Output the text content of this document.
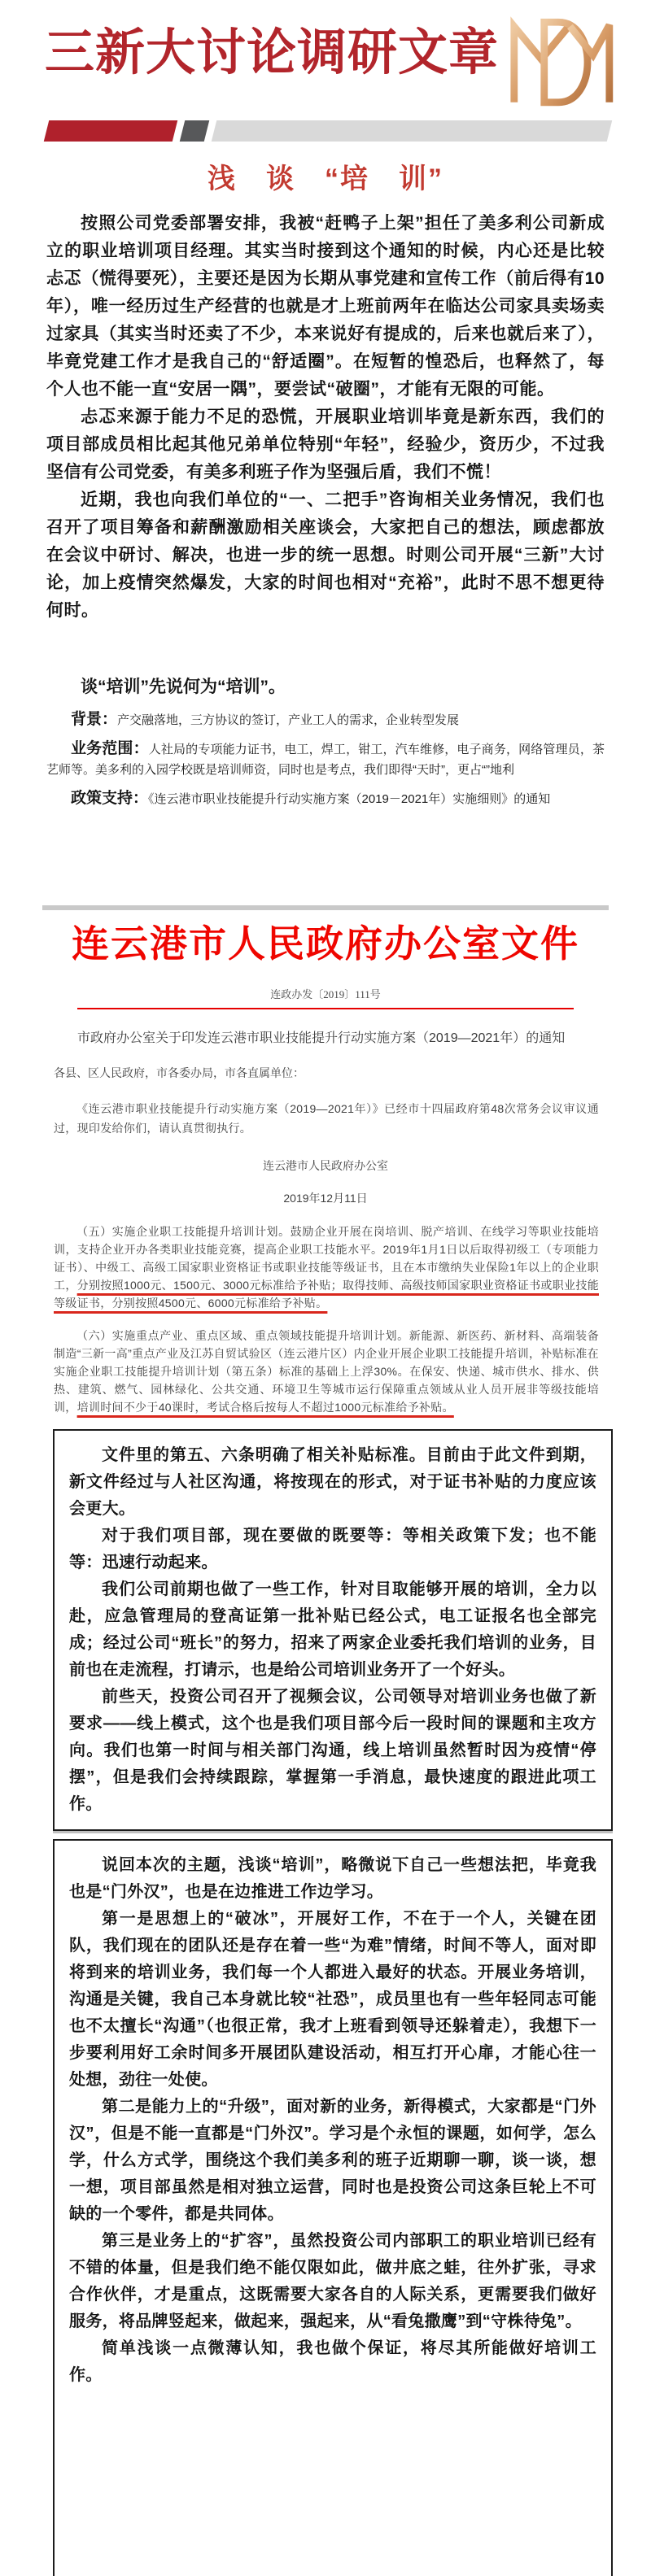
三新大讨论调研文章
浅　谈　“培　训”

按照公司党委部署安排，我被“赶鸭子上架”担任了美多利公司新成立的职业培训项目经理。其实当时接到这个通知的时候，内心还是比较忐忑（慌得要死），主要还是因为长期从事党建和宣传工作（前后得有10年），唯一经历过生产经营的也就是才上班前两年在临达公司家具卖场卖过家具（其实当时还卖了不少，本来说好有提成的，后来也就后来了），毕竟党建工作才是我自己的“舒适圈”。在短暂的惶恐后，也释然了，每个人也不能一直“安居一隅”，要尝试“破圈”，才能有无限的可能。

忐忑来源于能力不足的恐慌，开展职业培训毕竟是新东西，我们的项目部成员相比起其他兄弟单位特别“年轻”，经验少，资历少，不过我坚信有公司党委，有美多利班子作为坚强后盾，我们不慌！

近期，我也向我们单位的“一、二把手”咨询相关业务情况，我们也召开了项目筹备和薪酬激励相关座谈会，大家把自己的想法，顾虑都放在会议中研讨、解决，也进一步的统一思想。时则公司开展“三新”大讨论，加上疫情突然爆发，大家的时间也相对“充裕”，此时不思不想更待何时。

谈“培训”先说何为“培训”。

背景：产交融落地，三方协议的签订，产业工人的需求，企业转型发展

业务范围：人社局的专项能力证书，电工，焊工，钳工，汽车维修，电子商务，网络管理员，茶艺师等。美多利的入园学校既是培训师资，同时也是考点，我们即得“天时”，更占“”地利

政策支持：《连云港市职业技能提升行动实施方案（2019－2021年）实施细则》的通知

连云港市人民政府办公室文件
连政办发〔2019〕111号
市政府办公室关于印发连云港市职业技能提升行动实施方案（2019—2021年）的通知
各县、区人民政府，市各委办局，市各直属单位：

《连云港市职业技能提升行动实施方案（2019—2021年）》已经市十四届政府第48次常务会议审议通过，现印发给你们，请认真贯彻执行。

连云港市人民政府办公室
2019年12月11日

（五）实施企业职工技能提升培训计划。鼓励企业开展在岗培训、脱产培训、在线学习等职业技能培训，支持企业开办各类职业技能竞赛，提高企业职工技能水平。2019年1月1日以后取得初级工（专项能力证书）、中级工、高级工国家职业资格证书或职业技能等级证书，且在本市缴纳失业保险1年以上的企业职工，分别按照1000元、1500元、3000元标准给予补贴；取得技师、高级技师国家职业资格证书或职业技能等级证书，分别按照4500元、6000元标准给予补贴。

（六）实施重点产业、重点区域、重点领域技能提升培训计划。新能源、新医药、新材料、高端装备制造“三新一高”重点产业及江苏自贸试验区（连云港片区）内企业开展企业职工技能提升培训，补贴标准在实施企业职工技能提升培训计划（第五条）标准的基础上上浮30%。在保安、快递、城市供水、排水、供热、建筑、燃气、园林绿化、公共交通、环境卫生等城市运行保障重点领域从业人员开展非等级技能培训，培训时间不少于40课时，考试合格后按每人不超过1000元标准给予补贴。

文件里的第五、六条明确了相关补贴标准。目前由于此文件到期，新文件经过与人社区沟通，将按现在的形式，对于证书补贴的力度应该会更大。

对于我们项目部，现在要做的既要等：等相关政策下发；也不能等：迅速行动起来。

我们公司前期也做了一些工作，针对目取能够开展的培训，全力以赴，应急管理局的登高证第一批补贴已经公式，电工证报名也全部完成；经过公司“班长”的努力，招来了两家企业委托我们培训的业务，目前也在走流程，打请示，也是给公司培训业务开了一个好头。

前些天，投资公司召开了视频会议，公司领导对培训业务也做了新要求——线上模式，这个也是我们项目部今后一段时间的课题和主攻方向。我们也第一时间与相关部门沟通，线上培训虽然暂时因为疫情“停摆”，但是我们会持续跟踪，掌握第一手消息，最快速度的跟进此项工作。

说回本次的主题，浅谈“培训”，略微说下自己一些想法把，毕竟我也是“门外汉”，也是在边推进工作边学习。

第一是思想上的“破冰”，开展好工作，不在于一个人，关键在团队，我们现在的团队还是存在着一些“为难”情绪，时间不等人，面对即将到来的培训业务，我们每一个人都进入最好的状态。开展业务培训，沟通是关键，我自己本身就比较“社恐”，成员里也有一些年轻同志可能也不太擅长“沟通”（也很正常，我才上班看到领导还躲着走），我想下一步要利用好工余时间多开展团队建设活动，相互打开心扉，才能心往一处想，劲往一处使。

第二是能力上的“升级”，面对新的业务，新得模式，大家都是“门外汉”，但是不能一直都是“门外汉”。学习是个永恒的课题，如何学，怎么学，什么方式学，围绕这个我们美多利的班子近期聊一聊，谈一谈，想一想，项目部虽然是相对独立运营，同时也是投资公司这条巨轮上不可缺的一个零件，都是共同体。

第三是业务上的“扩容”，虽然投资公司内部职工的职业培训已经有不错的体量，但是我们绝不能仅限如此，做井底之蛙，往外扩张，寻求合作伙伴，才是重点，这既需要大家各自的人际关系，更需要我们做好服务，将品牌竖起来，做起来，强起来，从“看兔撒鹰”到“守株待兔”。

简单浅谈一点微薄认知，我也做个保证，将尽其所能做好培训工作。
